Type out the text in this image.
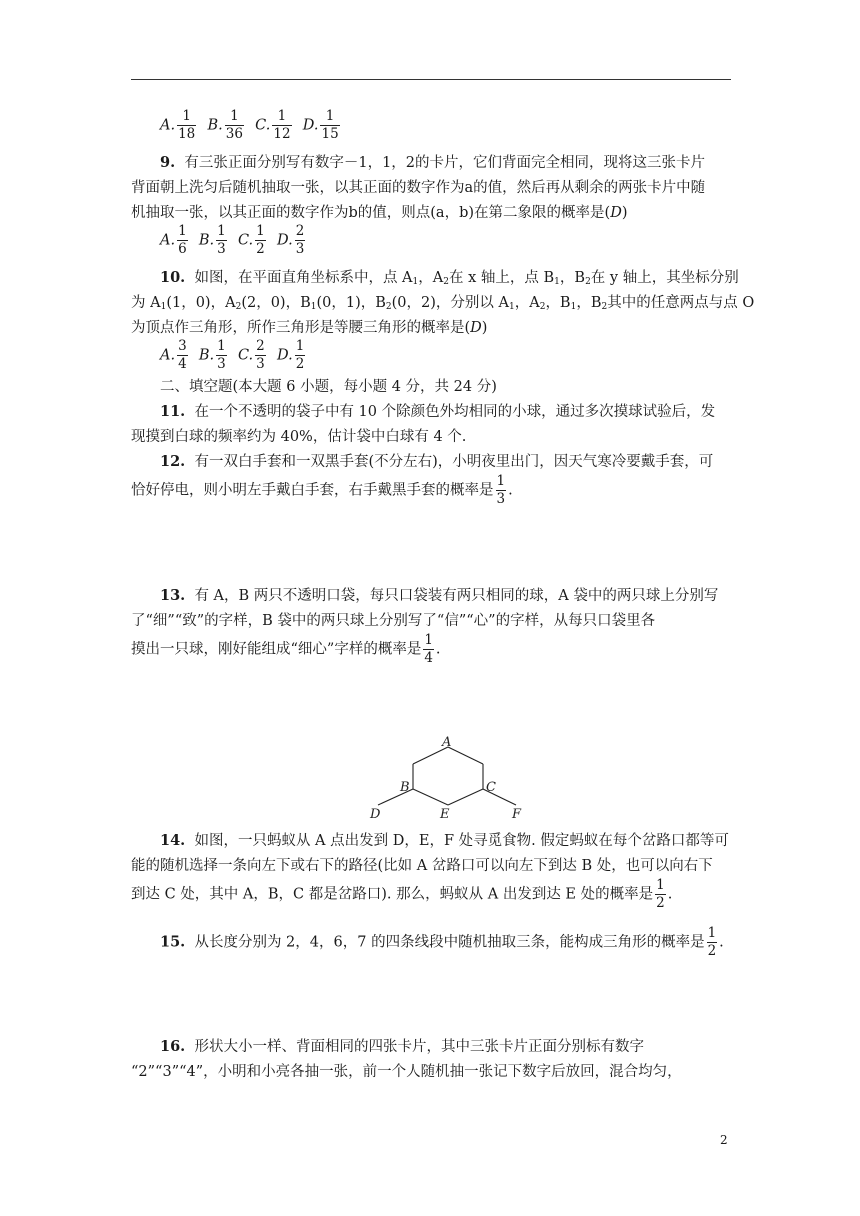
A. $\frac{1}{18} B$. $\frac{1}{36} C$. $\frac{1}{12} D$. $\frac{1}{15}$
9. 有三张正面分别写有数字－1，1，2的卡片，它们背面完全相同，现将这三张卡片
背面朝上洗匀后随机抽取一张，以其正面的数字作为a的值，然后再从剩余的两张卡片中随
机抽取一张，以其正面的数字作为b的值，则点(a，b)在第二象限的概率是(D)
A. $\frac{1}{6} B$. $\frac{1}{3} C$. $\frac{1}{2} D$. $\frac{2}{3}$
10. 如图，在平面直角坐标系中，点 $A_1$，$A_2$在 x 轴上，点 $B_1$，$B_2$在 y 轴上，其坐标分别
为 $A_1(1$，0)，$A_2(2$，0)，$B_1(0$，1)，$B_2(0$，2)，分别以 $A_1$，$A_2$，$B_1$，$B_2$其中的任意两点与点 O
为顶点作三角形，所作三角形是等腰三角形的概率是(D)
A. $\frac{3}{4} B$. $\frac{1}{3} C$. $\frac{2}{3} D$. $\frac{1}{2}$
二、填空题(本大题 6 小题，每小题 4 分，共 24 分)
11. 在一个不透明的袋子中有 10 个除颜色外均相同的小球，通过多次摸球试验后，发
现摸到白球的频率约为 40%，估计袋中白球有 4 个.
12. 有一双白手套和一双黑手套(不分左右)，小明夜里出门，因天气寒冷要戴手套，可
恰好停电，则小明左手戴白手套，右手戴黑手套的概率是 $\frac{1}{3}$ .
13. 有 A，B 两只不透明口袋，每只口袋装有两只相同的球，A 袋中的两只球上分别写
了“细”“致”的字样，B 袋中的两只球上分别写了“信”“心”的字样，从每只口袋里各
摸出一只球，刚好能组成“细心”字样的概率是 $\frac{1}{4}$ .
A
B	C
D	E	F
14. 如图，一只蚂蚁从 A 点出发到 D，E，F 处寻觅食物. 假定蚂蚁在每个岔路口都等可
能的随机选择一条向左下或右下的路径(比如 A 岔路口可以向左下到达 B 处，也可以向右下
到达 C 处，其中 A，B，C 都是岔路口). 那么，蚂蚁从 A 出发到达 E 处的概率是 $\frac{1}{2}$ .
15. 从长度分别为 2，4，6，7 的四条线段中随机抽取三条，能构成三角形的概率是 $\frac{1}{2}$ .
16. 形状大小一样、背面相同的四张卡片，其中三张卡片正面分别标有数字
“2”“3”“4”，小明和小亮各抽一张，前一个人随机抽一张记下数字后放回，混合均匀，
2
